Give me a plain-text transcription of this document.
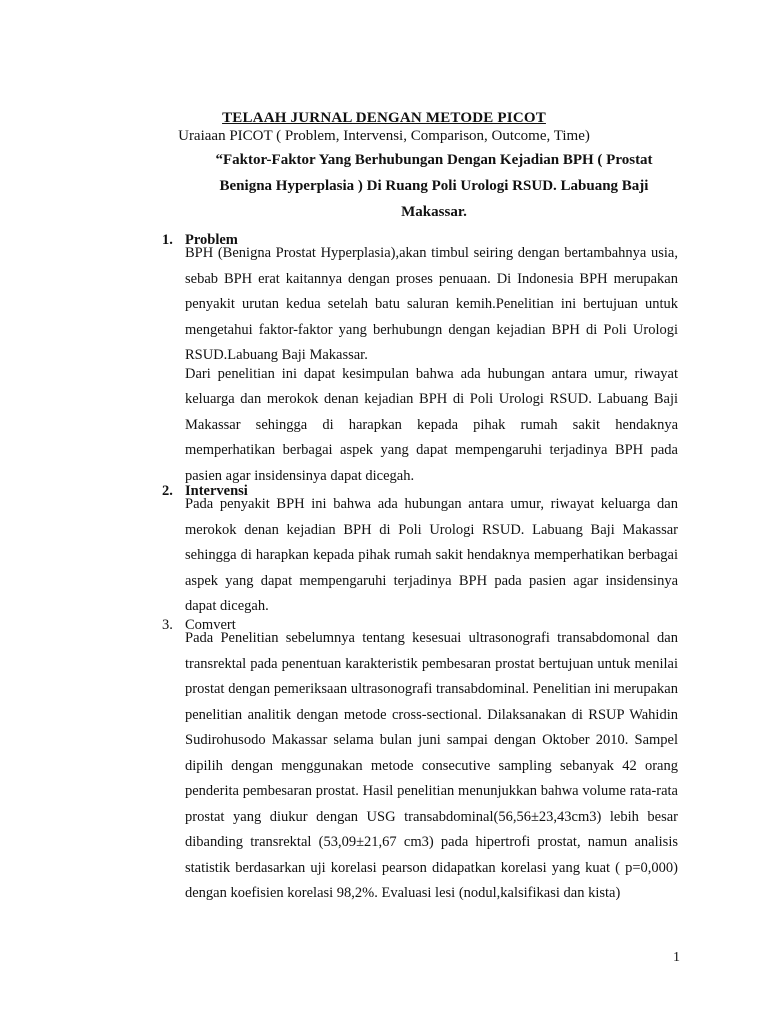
TELAAH JURNAL DENGAN METODE PICOT
Uraiaan PICOT ( Problem, Intervensi, Comparison, Outcome, Time)
“Faktor-Faktor Yang Berhubungan Dengan Kejadian BPH ( Prostat Benigna Hyperplasia ) Di Ruang Poli Urologi RSUD. Labuang Baji Makassar.
1. Problem
BPH (Benigna Prostat Hyperplasia),akan timbul seiring dengan bertambahnya usia, sebab BPH erat kaitannya dengan proses penuaan. Di Indonesia BPH merupakan penyakit urutan kedua setelah batu saluran kemih.Penelitian ini bertujuan untuk mengetahui faktor-faktor yang berhubungn dengan kejadian BPH di Poli Urologi RSUD.Labuang Baji Makassar.
Dari penelitian ini dapat kesimpulan bahwa ada hubungan antara umur, riwayat keluarga dan merokok denan kejadian BPH di Poli Urologi RSUD. Labuang Baji Makassar sehingga di harapkan kepada pihak rumah sakit hendaknya memperhatikan berbagai aspek yang dapat mempengaruhi terjadinya BPH pada pasien agar insidensinya dapat dicegah.
2. Intervensi
Pada penyakit BPH ini bahwa ada hubungan antara umur, riwayat keluarga dan merokok denan kejadian BPH di Poli Urologi RSUD. Labuang Baji Makassar sehingga di harapkan kepada pihak rumah sakit hendaknya memperhatikan berbagai aspek yang dapat mempengaruhi terjadinya BPH pada pasien agar insidensinya dapat dicegah.
3. Comvert
Pada Penelitian sebelumnya tentang kesesuai ultrasonografi transabdomonal dan transrektal pada penentuan karakteristik pembesaran prostat bertujuan untuk menilai prostat dengan pemeriksaan ultrasonografi transabdominal. Penelitian ini merupakan penelitian analitik dengan metode cross-sectional. Dilaksanakan di RSUP Wahidin Sudirohusodo Makassar selama bulan juni sampai dengan Oktober 2010. Sampel dipilih dengan menggunakan metode consecutive sampling sebanyak 42 orang penderita pembesaran prostat. Hasil penelitian menunjukkan bahwa volume rata-rata prostat yang diukur dengan USG transabdominal(56,56±23,43cm3) lebih besar dibanding transrektal (53,09±21,67 cm3) pada hipertrofi prostat, namun analisis statistik berdasarkan uji korelasi pearson didapatkan korelasi yang kuat ( p=0,000) dengan koefisien korelasi 98,2%. Evaluasi lesi (nodul,kalsifikasi dan kista)
1
